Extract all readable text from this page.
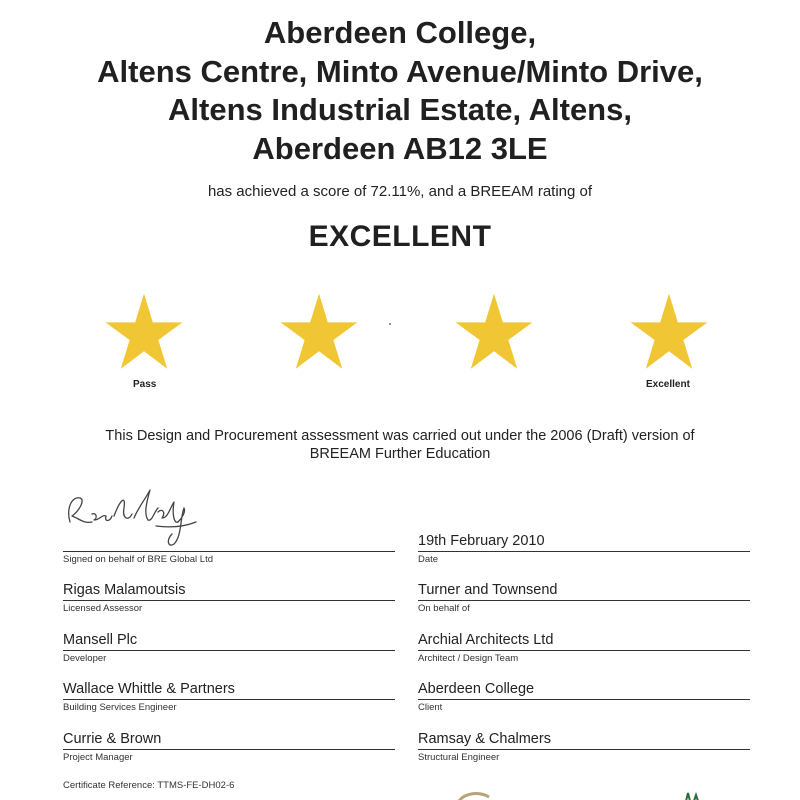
Aberdeen College,
Altens Centre, Minto Avenue/Minto Drive,
Altens Industrial Estate, Altens,
Aberdeen AB12 3LE
has achieved a score of 72.11%, and a BREEAM rating of
EXCELLENT
Pass	Excellent
This Design and Procurement assessment was carried out under the 2006 (Draft) version of
BREEAM Further Education
Signed on behalf of BRE Global Ltd
Rigas Malamoutsis
Licensed Assessor
Mansell Plc
Developer
Wallace Whittle & Partners
Building Services Engineer
Currie & Brown
Project Manager
19th February 2010
Date
Turner and Townsend
On behalf of
Archial Architects Ltd
Architect / Design Team
Aberdeen College
Client
Ramsay & Chalmers
Structural Engineer
Certificate Reference: TTMS-FE-DH02-6
